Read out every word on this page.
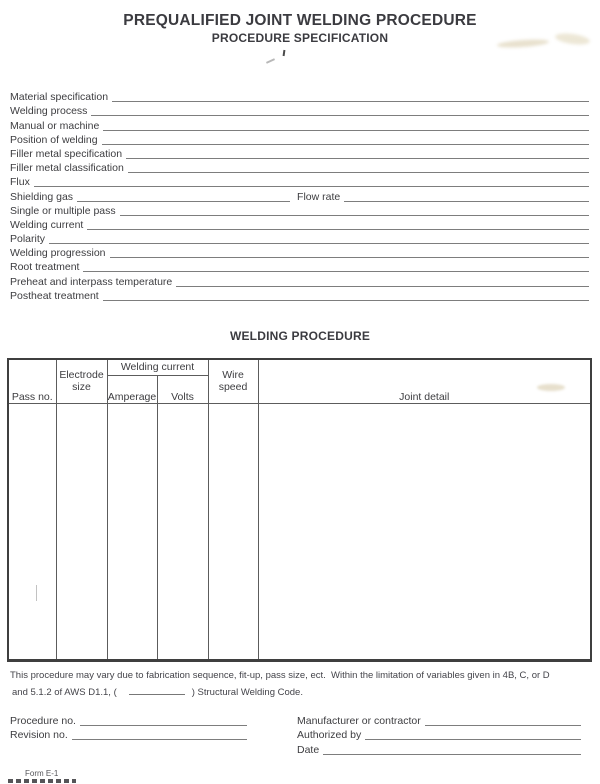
PREQUALIFIED JOINT WELDING PROCEDURE
PROCEDURE SPECIFICATION
Material specification
Welding process
Manual or machine
Position of welding
Filler metal specification
Filler metal classification
Flux
Shielding gas	Flow rate
Single or multiple pass
Welding current
Polarity
Welding progression
Root treatment
Preheat and interpass temperature
Postheat treatment
WELDING PROCEDURE
Pass no.	Electrode size	Welding current		Wire speed	Joint detail
		Amperage	Volts		

This procedure may vary due to fabrication sequence, fit-up, pass size, ect.  Within the limitation of variables given in 4B, C, or D
and 5.1.2 of AWS D1.1, (	) Structural Welding Code.
Procedure no.
Revision no.
Manufacturer or contractor
Authorized by
Date
Form E-1
